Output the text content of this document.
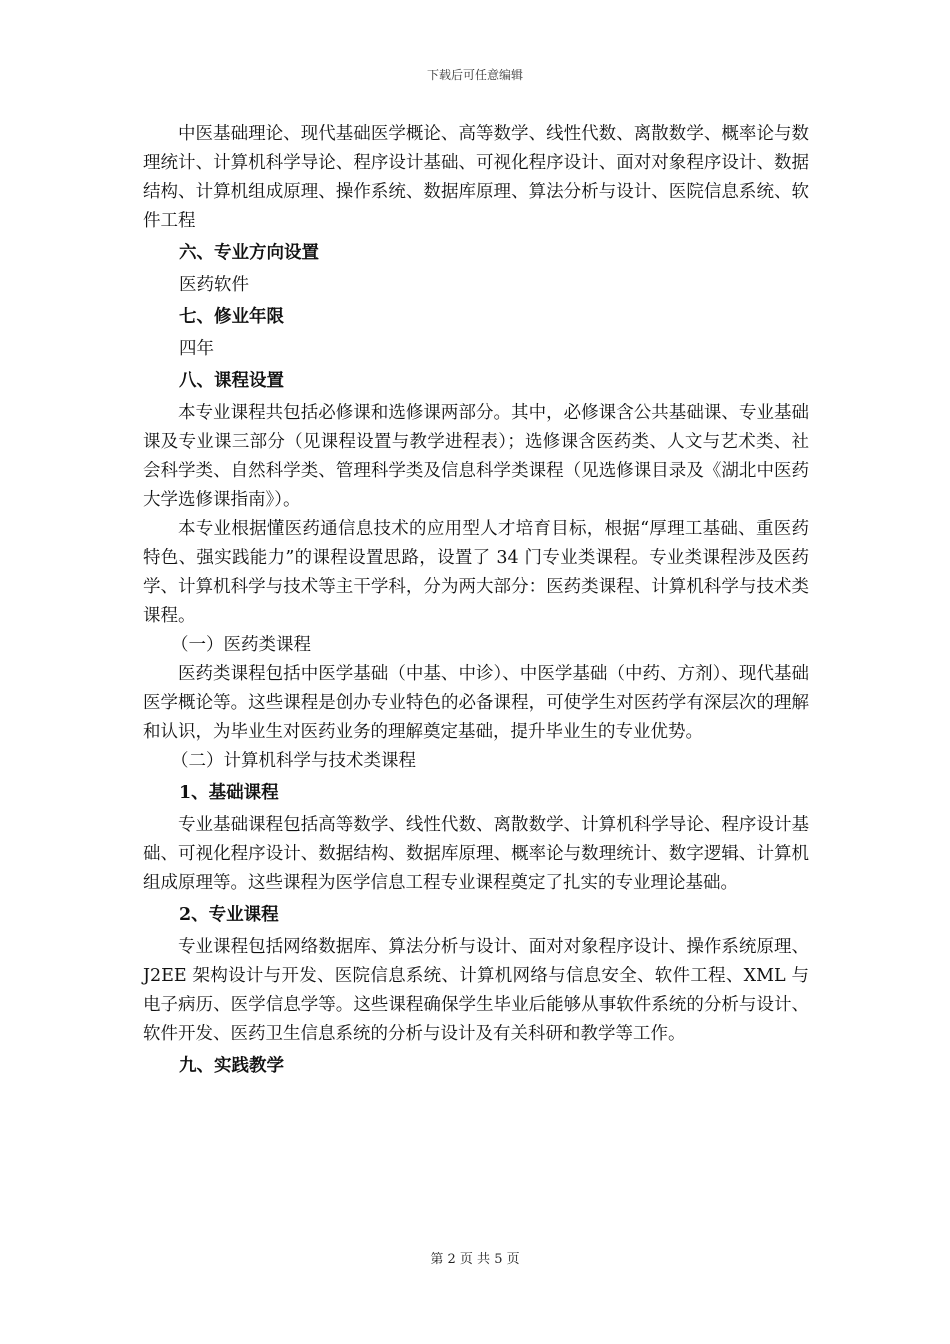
下载后可任意编辑

中医基础理论、现代基础医学概论、高等数学、线性代数、离散数学、概率论与数理统计、计算机科学导论、程序设计基础、可视化程序设计、面对对象程序设计、数据结构、计算机组成原理、操作系统、数据库原理、算法分析与设计、医院信息系统、软件工程

六、专业方向设置

医药软件

七、修业年限

四年

八、课程设置

本专业课程共包括必修课和选修课两部分。其中，必修课含公共基础课、专业基础课及专业课三部分（见课程设置与教学进程表）；选修课含医药类、人文与艺术类、社会科学类、自然科学类、管理科学类及信息科学类课程（见选修课目录及《湖北中医药大学选修课指南》）。

本专业根据懂医药通信息技术的应用型人才培育目标，根据“厚理工基础、重医药特色、强实践能力”的课程设置思路，设置了 34 门专业类课程。专业类课程涉及医药学、计算机科学与技术等主干学科，分为两大部分：医药类课程、计算机科学与技术类课程。

（一）医药类课程

医药类课程包括中医学基础（中基、中诊）、中医学基础（中药、方剂）、现代基础医学概论等。这些课程是创办专业特色的必备课程，可使学生对医药学有深层次的理解和认识，为毕业生对医药业务的理解奠定基础，提升毕业生的专业优势。

（二）计算机科学与技术类课程

1、基础课程

专业基础课程包括高等数学、线性代数、离散数学、计算机科学导论、程序设计基础、可视化程序设计、数据结构、数据库原理、概率论与数理统计、数字逻辑、计算机组成原理等。这些课程为医学信息工程专业课程奠定了扎实的专业理论基础。

2、专业课程

专业课程包括网络数据库、算法分析与设计、面对对象程序设计、操作系统原理、J2EE 架构设计与开发、医院信息系统、计算机网络与信息安全、软件工程、XML 与电子病历、医学信息学等。这些课程确保学生毕业后能够从事软件系统的分析与设计、软件开发、医药卫生信息系统的分析与设计及有关科研和教学等工作。

九、实践教学

第 2 页 共 5 页
